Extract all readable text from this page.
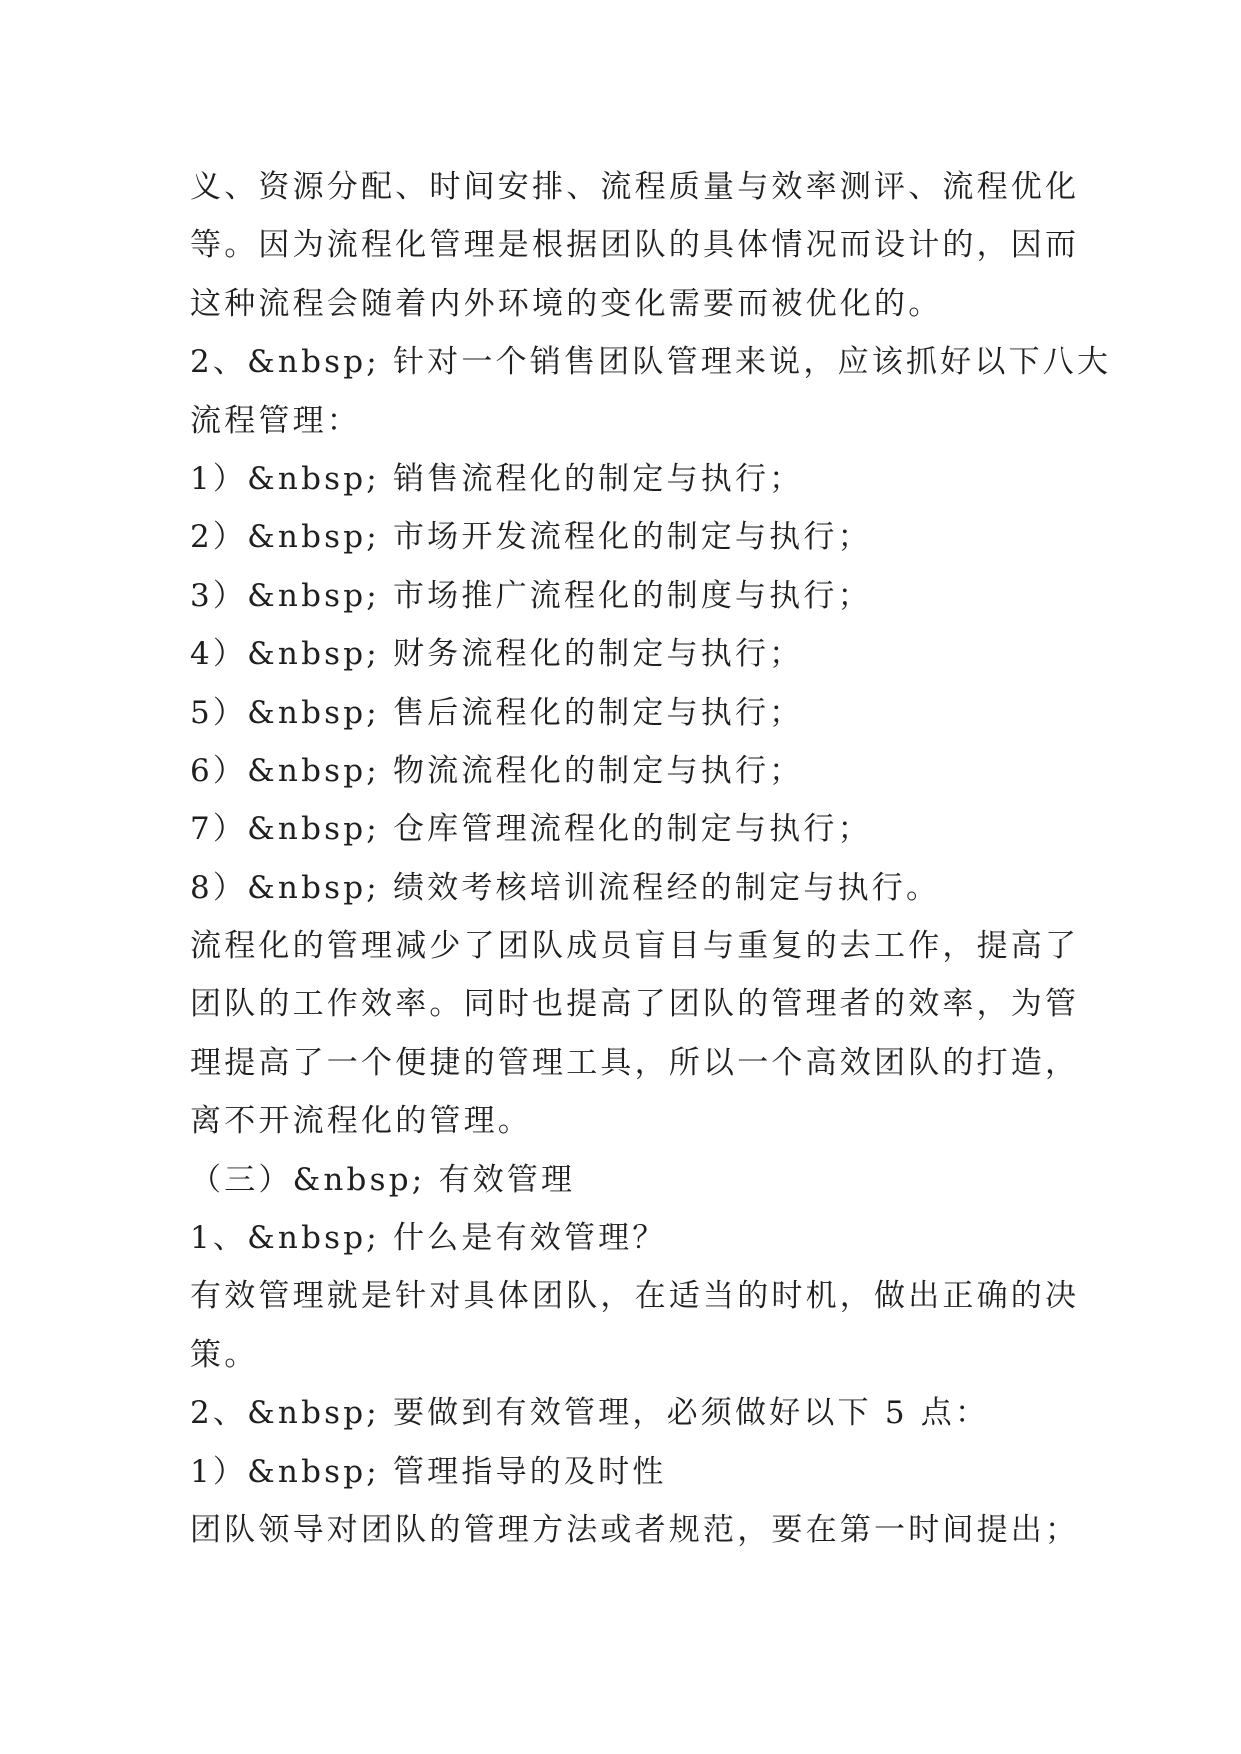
义、资源分配、时间安排、流程质量与效率测评、流程优化

等。因为流程化管理是根据团队的具体情况而设计的，因而

这种流程会随着内外环境的变化需要而被优化的。

2、&nbsp; 针对一个销售团队管理来说，应该抓好以下八大

流程管理：

1）&nbsp; 销售流程化的制定与执行；

2）&nbsp; 市场开发流程化的制定与执行；

3）&nbsp; 市场推广流程化的制度与执行；

4）&nbsp; 财务流程化的制定与执行；

5）&nbsp; 售后流程化的制定与执行；

6）&nbsp; 物流流程化的制定与执行；

7）&nbsp; 仓库管理流程化的制定与执行；

8）&nbsp; 绩效考核培训流程经的制定与执行。

流程化的管理减少了团队成员盲目与重复的去工作，提高了

团队的工作效率。同时也提高了团队的管理者的效率，为管

理提高了一个便捷的管理工具，所以一个高效团队的打造，

离不开流程化的管理。

（三）&nbsp; 有效管理

1、&nbsp; 什么是有效管理？

有效管理就是针对具体团队，在适当的时机，做出正确的决

策。

2、&nbsp; 要做到有效管理，必须做好以下 5 点：

1）&nbsp; 管理指导的及时性

团队领导对团队的管理方法或者规范，要在第一时间提出；
